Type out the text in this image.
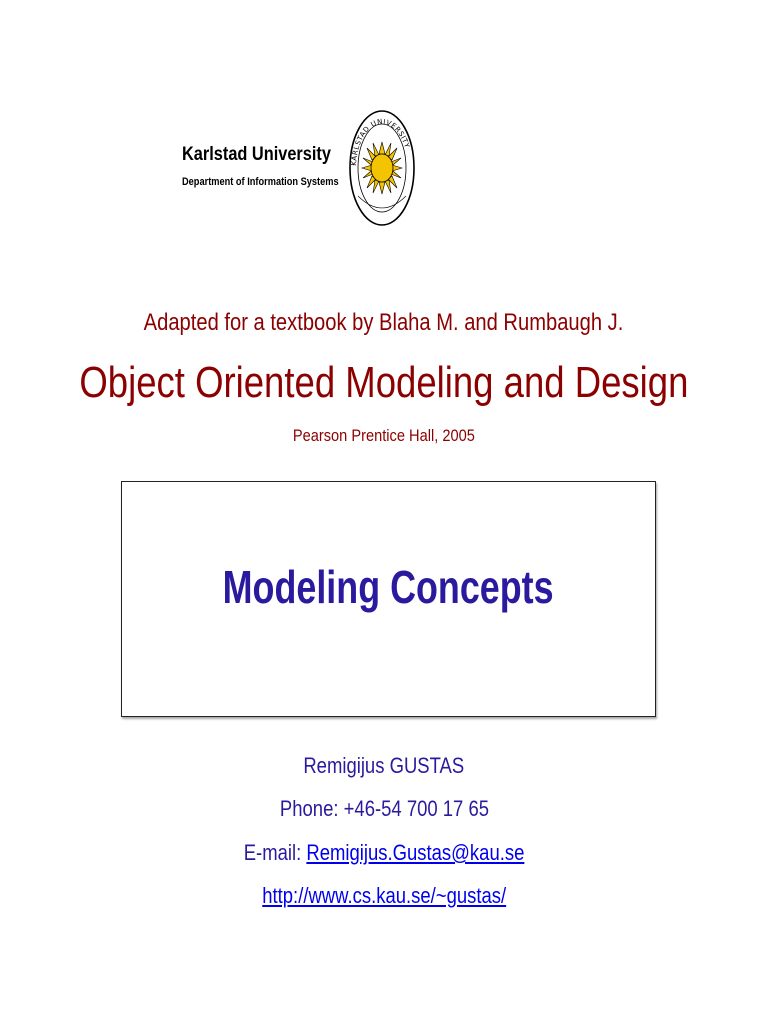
Karlstad University
Department of Information Systems
KARLSTAD UNIVERSITY
Adapted for a textbook by Blaha M. and Rumbaugh J.
Object Oriented Modeling and Design
Pearson Prentice Hall, 2005
Modeling Concepts
Remigijus GUSTAS
Phone: +46-54 700 17 65
E-mail: Remigijus.Gustas@kau.se
http://www.cs.kau.se/~gustas/
